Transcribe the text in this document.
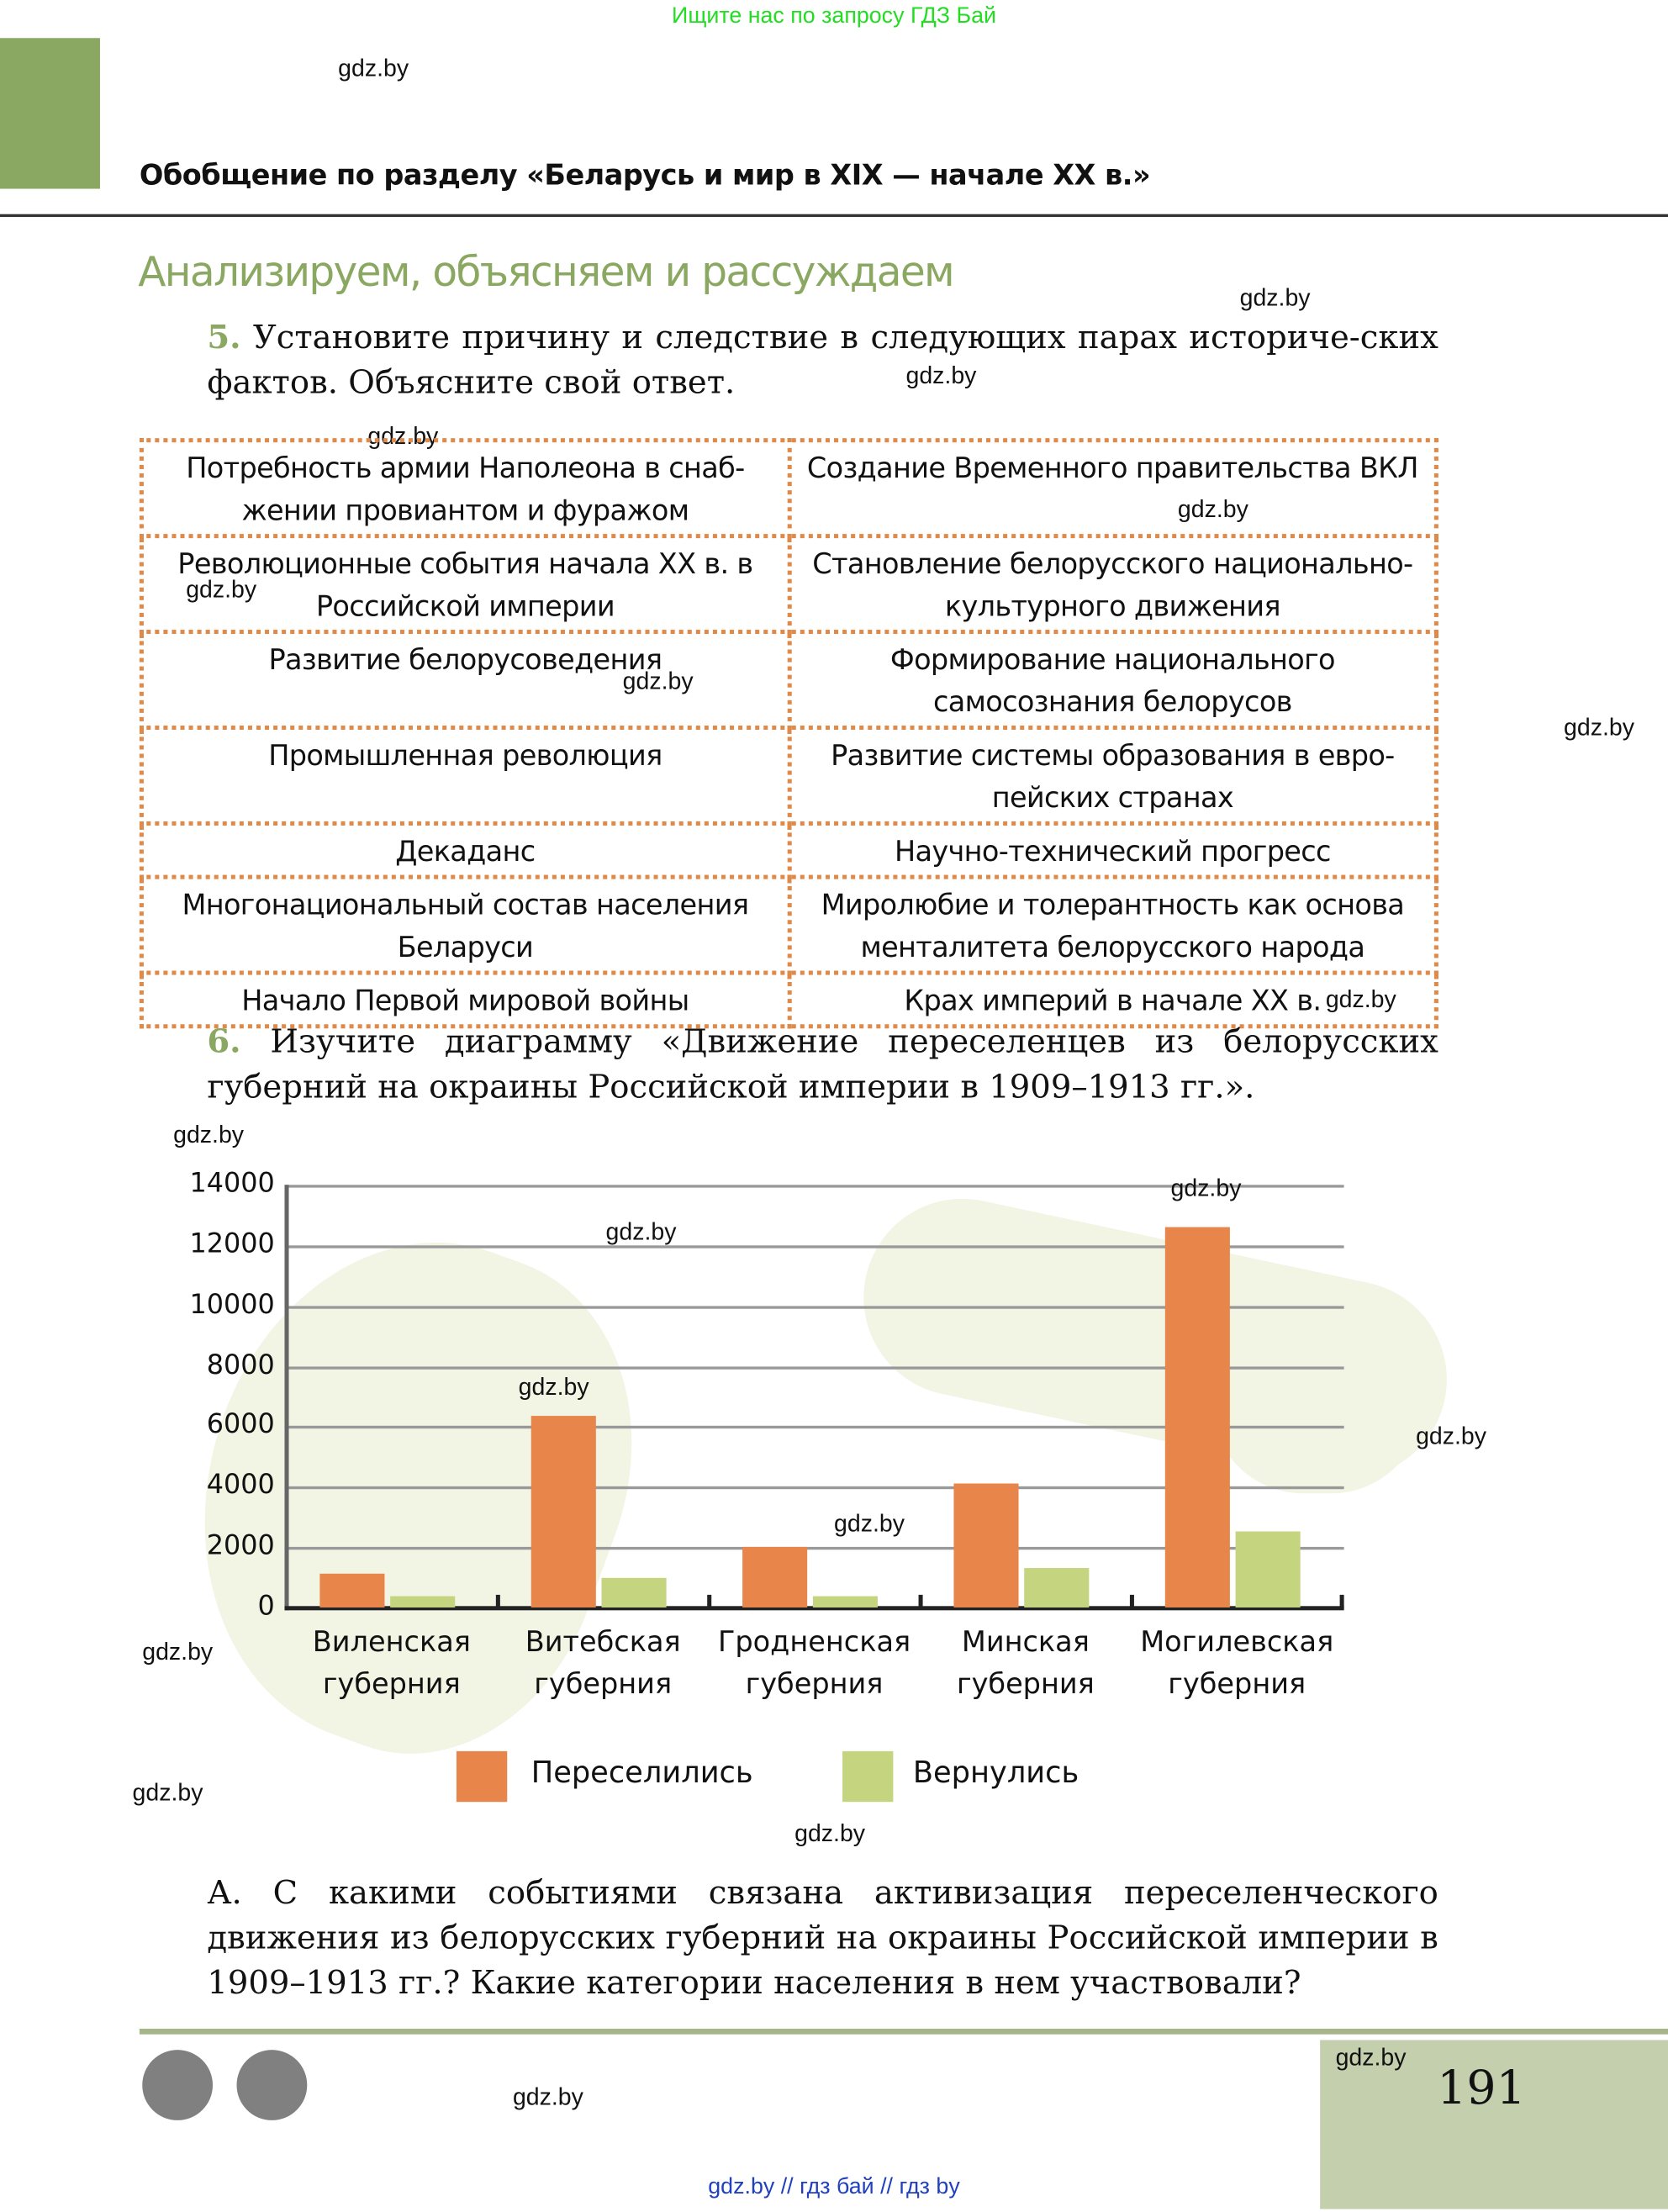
Ищите нас по запросу ГДЗ Бай
gdz.by
Обобщение по разделу «Беларусь и мир в XIX — начале XX в.»
Анализируем, объясняем и рассуждаем
gdz.by
5. Установите причину и следствие в следующих парах историче-ских фактов. Объясните свой ответ.	gdz.by
gdz.by
Потребность армии Наполеона в снаб-жении провиантом и фуражом	Создание Временного правительства ВКЛ
Революционные события начала XX в. в Российской империи	Становление белорусского национально-культурного движения
Развитие белорусоведения	Формирование национального самосознания белорусов
Промышленная революция	Развитие системы образования в евро-пейских странах
Декаданс	Научно-технический прогресс
Многонациональный состав населения Беларуси	Миролюбие и толерантность как основа менталитета белорусского народа
Начало Первой мировой войны	Крах империй в начале XX в.
gdz.by
gdz.by
gdz.by
gdz.by
gdz.by
6. Изучите диаграмму «Движение переселенцев из белорусских губерний на окраины Российской империи в 1909–1913 гг.».
gdz.by
14000
12000
10000
8000
6000
4000
2000
0
Виленская
губерния
Витебская
губерния
Гродненская
губерния
Минская
губерния
Могилевская
губерния
Переселились	Вернулись
gdz.by
gdz.by
gdz.by
gdz.by
gdz.by
gdz.by
gdz.by
gdz.by
А. С какими событиями связана активизация переселенческого движения из белорусских губерний на окраины Российской империи в 1909–1913 гг.? Какие категории населения в нем участвовали?
gdz.by
gdz.by
191
gdz.by // гдз бай // гдз by
